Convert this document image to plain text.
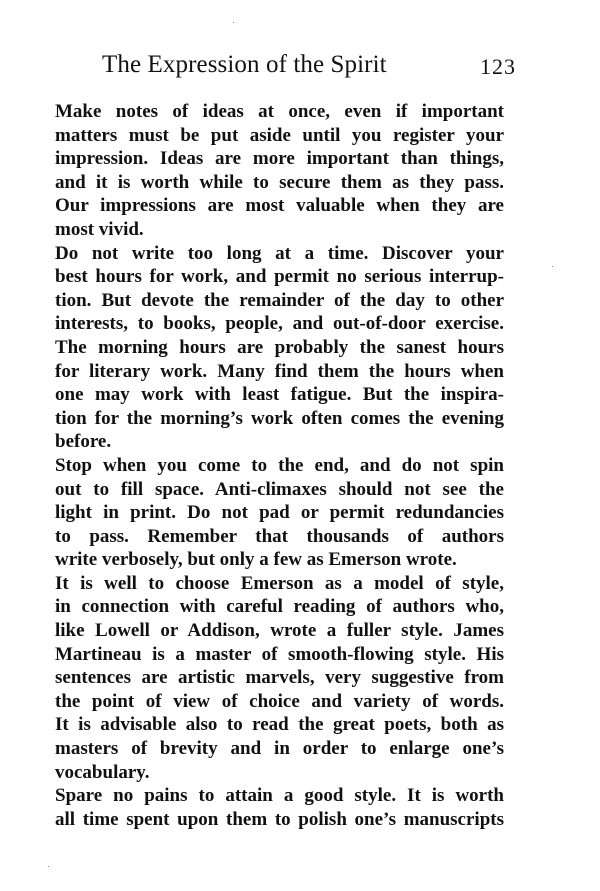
The Expression of the Spirit	123

Make notes of ideas at once, even if important
matters must be put aside until you register your
impression. Ideas are more important than things,
and it is worth while to secure them as they pass.
Our impressions are most valuable when they are
most vivid.

Do not write too long at a time. Discover your
best hours for work, and permit no serious interrup-
tion. But devote the remainder of the day to other
interests, to books, people, and out-of-door exercise.
The morning hours are probably the sanest hours
for literary work. Many find them the hours when
one may work with least fatigue. But the inspira-
tion for the morning’s work often comes the evening
before.

Stop when you come to the end, and do not spin
out to fill space. Anti-climaxes should not see the
light in print. Do not pad or permit redundancies
to pass. Remember that thousands of authors
write verbosely, but only a few as Emerson wrote.

It is well to choose Emerson as a model of style,
in connection with careful reading of authors who,
like Lowell or Addison, wrote a fuller style. James
Martineau is a master of smooth-flowing style. His
sentences are artistic marvels, very suggestive from
the point of view of choice and variety of words.
It is advisable also to read the great poets, both as
masters of brevity and in order to enlarge one’s
vocabulary.

Spare no pains to attain a good style. It is worth
all time spent upon them to polish one’s manuscripts
